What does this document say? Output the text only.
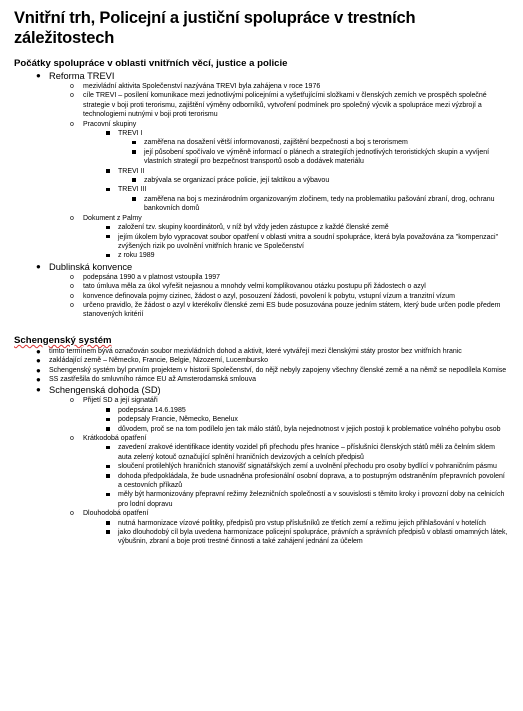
Vnitřní trh, Policejní a justiční spolupráce v trestních záležitostech

Počátky spolupráce v oblasti vnitřních věcí, justice a policie

● Reforma TREVI
o mezivládní aktivita Společenství nazývána TREVI byla zahájena v roce 1976
o cíle TREVI – posílení komunikace mezi jednotlivými policejními a vyšetřujícími složkami v členských zemích ve prospěch společné strategie v boji proti terorismu, zajištění výměny odborníků, vytvoření podmínek pro společný výcvik a spolupráce mezi výzbrojí a technologiemi nutnými v boji proti terorismu
o Pracovní skupiny
TREVI I
zaměřena na dosažení větší informovanosti, zajištění bezpečnosti a boj s terorismem
její působení spočívalo ve výměně informací o plánech a strategiích jednotlivých teroristických skupin a vyvíjení vlastních strategií pro bezpečnost transportů osob a dodávek materiálu
TREVI II
zabývala se organizací práce policie, její taktikou a výbavou
TREVI III
zaměřena na boj s mezinárodním organizovaným zločinem, tedy na problematiku pašování zbraní, drog, ochranu bankovních domů
o Dokument z Palmy
založení tzv. skupiny koordinátorů, v níž byl vždy jeden zástupce z každé členské země
jejím úkolem bylo vypracovat soubor opatření v oblasti vnitra a soudní spolupráce, která byla považována za "kompenzaci" zvýšených rizik po uvolnění vnitřních hranic ve Společenství
z roku 1989
● Dublinská konvence
o podepsána 1990 a v platnost vstoupila 1997
o tato úmluva měla za úkol vyřešit nejasnou a mnohdy velmi komplikovanou otázku postupu při žádostech o azyl
o konvence definovala pojmy cizinec, žádost o azyl, posouzení žádosti, povolení k pobytu, vstupní vízum a tranzitní vízum
o určeno pravidlo, že žádost o azyl v kterékoliv členské zemi ES bude posuzována pouze jedním státem, který bude určen podle předem stanovených kritérií

Schengenský systém

● tímto termínem bývá označován soubor mezivládních dohod a aktivit, které vytvářejí mezi členskými státy prostor bez vnitřních hranic
● zakládající země – Německo, Francie, Belgie, Nizozemí, Lucembursko
● Schengenský systém byl prvním projektem v historii Společenství, do nějž nebyly zapojeny všechny členské země a na němž se nepodílela Komise
● SS zastřešila do smluvního rámce EU až Amsterodamská smlouva
● Schengenská dohoda (SD)
o Přijetí SD a její signatáři
podepsána 14.6.1985
podepsaly Francie, Německo, Benelux
důvodem, proč se na tom podílelo jen tak málo států, byla nejednotnost v jejich postoji k problematice volného pohybu osob
o Krátkodobá opatření
zavedení zrakové identifikace identity vozidel při přechodu přes hranice – příslušníci členských států měli za čelním sklem auta zelený kotouč označující splnění hraničních devizových a celních předpisů
sloučení protilehlých hraničních stanovišť signatářských zemí a uvolnění přechodu pro osoby bydlící v pohraničním pásmu
dohoda předpokládala, že bude usnadněna profesionální osobní doprava, a to postupným odstraněním přepravních povolení a cestovních příkazů
měly být harmonizovány přepravní režimy železničních společností a v souvislosti s těmito kroky i provozní doby na celnicích pro lodní dopravu
o Dlouhodobá opatření
nutná harmonizace vízové politiky, předpisů pro vstup příslušníků ze třetích zemí a režimu jejich přihlašování v hotelích
jako dlouhodobý cíl byla uvedena harmonizace policejní spolupráce, právních a správních předpisů v oblasti omamných látek, výbušnin, zbraní a boje proti trestné činnosti a také zahájení jednání za účelem
